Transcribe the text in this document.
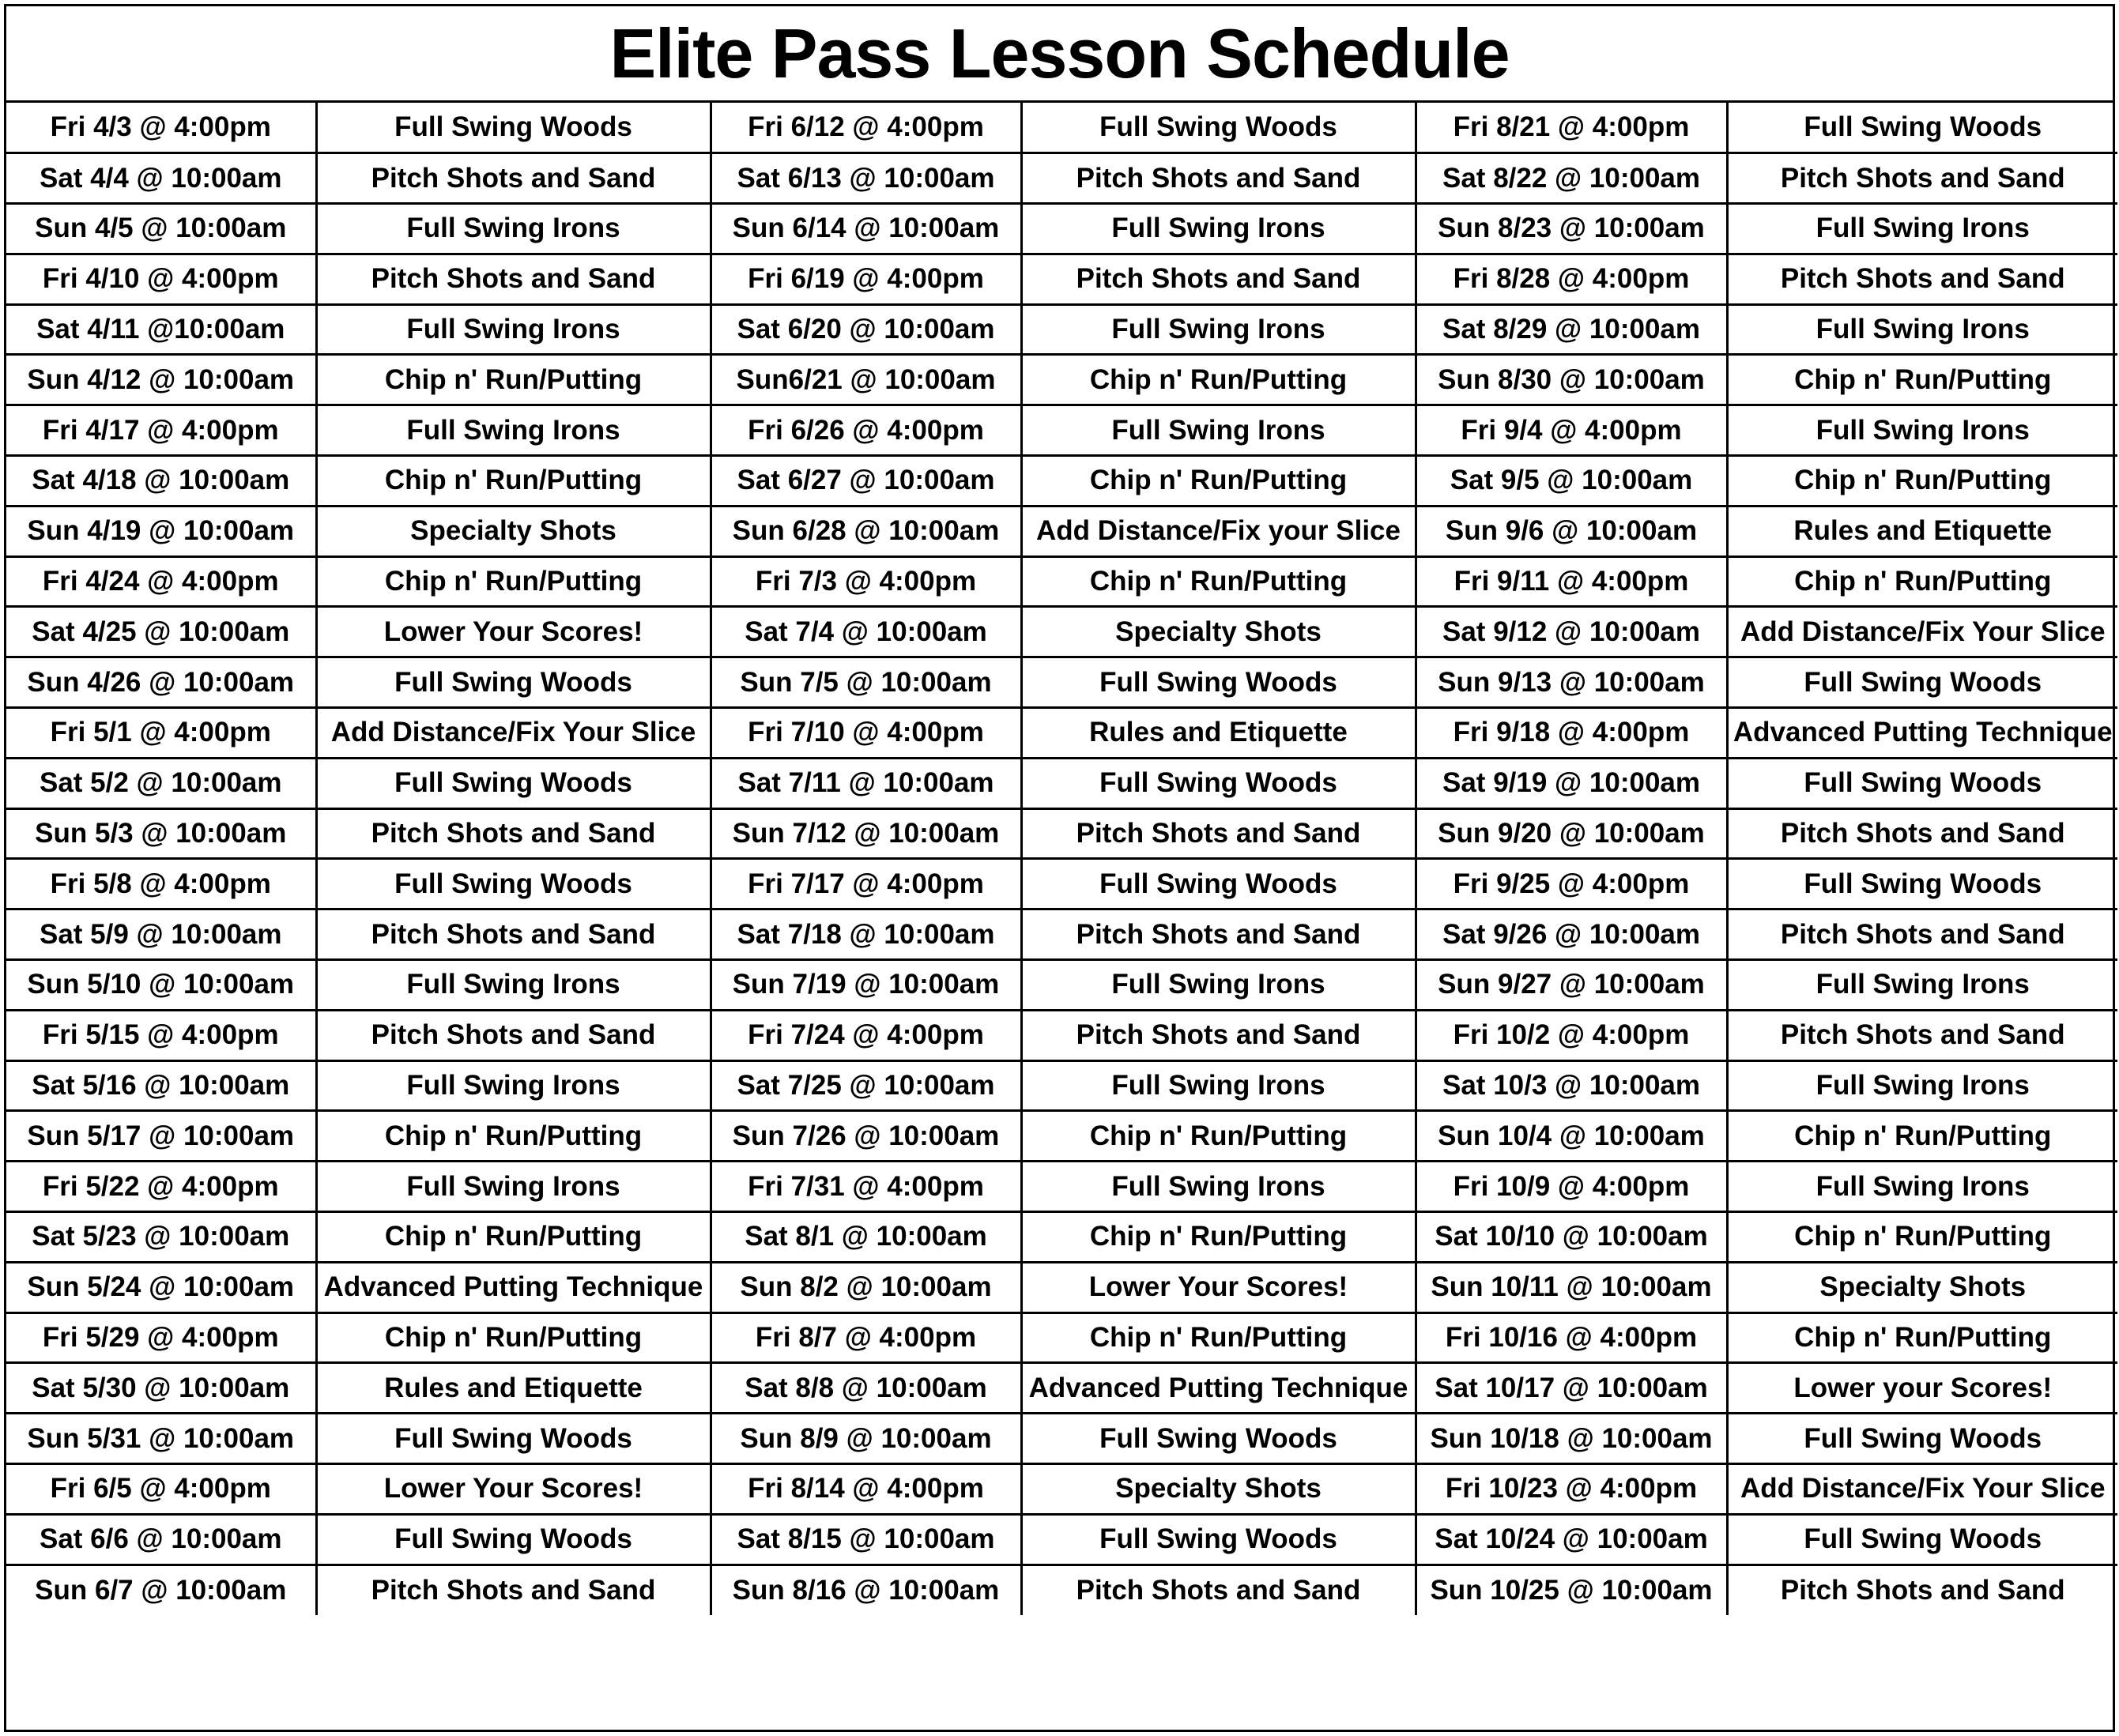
Elite Pass Lesson Schedule
Fri 4/3 @ 4:00pm	Full Swing Woods	Fri 6/12 @ 4:00pm	Full Swing Woods	Fri 8/21 @ 4:00pm	Full Swing Woods
Sat 4/4 @ 10:00am	Pitch Shots and Sand	Sat 6/13 @ 10:00am	Pitch Shots and Sand	Sat 8/22 @ 10:00am	Pitch Shots and Sand
Sun 4/5 @ 10:00am	Full Swing Irons	Sun 6/14 @ 10:00am	Full Swing Irons	Sun 8/23 @ 10:00am	Full Swing Irons
Fri 4/10 @ 4:00pm	Pitch Shots and Sand	Fri 6/19 @ 4:00pm	Pitch Shots and Sand	Fri 8/28 @ 4:00pm	Pitch Shots and Sand
Sat 4/11 @10:00am	Full Swing Irons	Sat 6/20 @ 10:00am	Full Swing Irons	Sat 8/29 @ 10:00am	Full Swing Irons
Sun 4/12 @ 10:00am	Chip n' Run/Putting	Sun6/21 @ 10:00am	Chip n' Run/Putting	Sun 8/30 @ 10:00am	Chip n' Run/Putting
Fri 4/17 @ 4:00pm	Full Swing Irons	Fri 6/26 @ 4:00pm	Full Swing Irons	Fri 9/4 @ 4:00pm	Full Swing Irons
Sat 4/18 @ 10:00am	Chip n' Run/Putting	Sat 6/27 @ 10:00am	Chip n' Run/Putting	Sat 9/5 @ 10:00am	Chip n' Run/Putting
Sun 4/19 @ 10:00am	Specialty Shots	Sun 6/28 @ 10:00am	Add Distance/Fix your Slice	Sun 9/6 @ 10:00am	Rules and Etiquette
Fri 4/24 @ 4:00pm	Chip n' Run/Putting	Fri 7/3 @ 4:00pm	Chip n' Run/Putting	Fri 9/11 @ 4:00pm	Chip n' Run/Putting
Sat 4/25 @ 10:00am	Lower Your Scores!	Sat 7/4 @ 10:00am	Specialty Shots	Sat 9/12 @ 10:00am	Add Distance/Fix Your Slice
Sun 4/26 @ 10:00am	Full Swing Woods	Sun 7/5 @ 10:00am	Full Swing Woods	Sun 9/13 @ 10:00am	Full Swing Woods
Fri 5/1 @ 4:00pm	Add Distance/Fix Your Slice	Fri 7/10 @ 4:00pm	Rules and Etiquette	Fri 9/18 @ 4:00pm	Advanced Putting Technique
Sat 5/2 @ 10:00am	Full Swing Woods	Sat 7/11 @ 10:00am	Full Swing Woods	Sat 9/19 @ 10:00am	Full Swing Woods
Sun 5/3 @ 10:00am	Pitch Shots and Sand	Sun 7/12 @ 10:00am	Pitch Shots and Sand	Sun 9/20 @ 10:00am	Pitch Shots and Sand
Fri 5/8 @ 4:00pm	Full Swing Woods	Fri 7/17 @ 4:00pm	Full Swing Woods	Fri 9/25 @ 4:00pm	Full Swing Woods
Sat 5/9 @ 10:00am	Pitch Shots and Sand	Sat 7/18 @ 10:00am	Pitch Shots and Sand	Sat 9/26 @ 10:00am	Pitch Shots and Sand
Sun 5/10 @ 10:00am	Full Swing Irons	Sun 7/19 @ 10:00am	Full Swing Irons	Sun 9/27 @ 10:00am	Full Swing Irons
Fri 5/15 @ 4:00pm	Pitch Shots and Sand	Fri 7/24 @ 4:00pm	Pitch Shots and Sand	Fri 10/2 @ 4:00pm	Pitch Shots and Sand
Sat 5/16 @ 10:00am	Full Swing Irons	Sat 7/25 @ 10:00am	Full Swing Irons	Sat 10/3 @ 10:00am	Full Swing Irons
Sun 5/17 @ 10:00am	Chip n' Run/Putting	Sun 7/26 @ 10:00am	Chip n' Run/Putting	Sun 10/4 @ 10:00am	Chip n' Run/Putting
Fri 5/22 @ 4:00pm	Full Swing Irons	Fri 7/31 @ 4:00pm	Full Swing Irons	Fri 10/9 @ 4:00pm	Full Swing Irons
Sat 5/23 @ 10:00am	Chip n' Run/Putting	Sat 8/1 @ 10:00am	Chip n' Run/Putting	Sat 10/10 @ 10:00am	Chip n' Run/Putting
Sun 5/24 @ 10:00am	Advanced Putting Technique	Sun 8/2 @ 10:00am	Lower Your Scores!	Sun 10/11 @ 10:00am	Specialty Shots
Fri 5/29 @ 4:00pm	Chip n' Run/Putting	Fri 8/7 @ 4:00pm	Chip n' Run/Putting	Fri 10/16 @ 4:00pm	Chip n' Run/Putting
Sat 5/30 @ 10:00am	Rules and Etiquette	Sat 8/8 @ 10:00am	Advanced Putting Technique	Sat 10/17 @ 10:00am	Lower your Scores!
Sun 5/31 @ 10:00am	Full Swing Woods	Sun 8/9 @ 10:00am	Full Swing Woods	Sun 10/18 @ 10:00am	Full Swing Woods
Fri 6/5 @ 4:00pm	Lower Your Scores!	Fri 8/14 @ 4:00pm	Specialty Shots	Fri 10/23 @ 4:00pm	Add Distance/Fix Your Slice
Sat 6/6 @ 10:00am	Full Swing Woods	Sat 8/15 @ 10:00am	Full Swing Woods	Sat 10/24 @ 10:00am	Full Swing Woods
Sun 6/7 @ 10:00am	Pitch Shots and Sand	Sun 8/16 @ 10:00am	Pitch Shots and Sand	Sun 10/25 @ 10:00am	Pitch Shots and Sand
